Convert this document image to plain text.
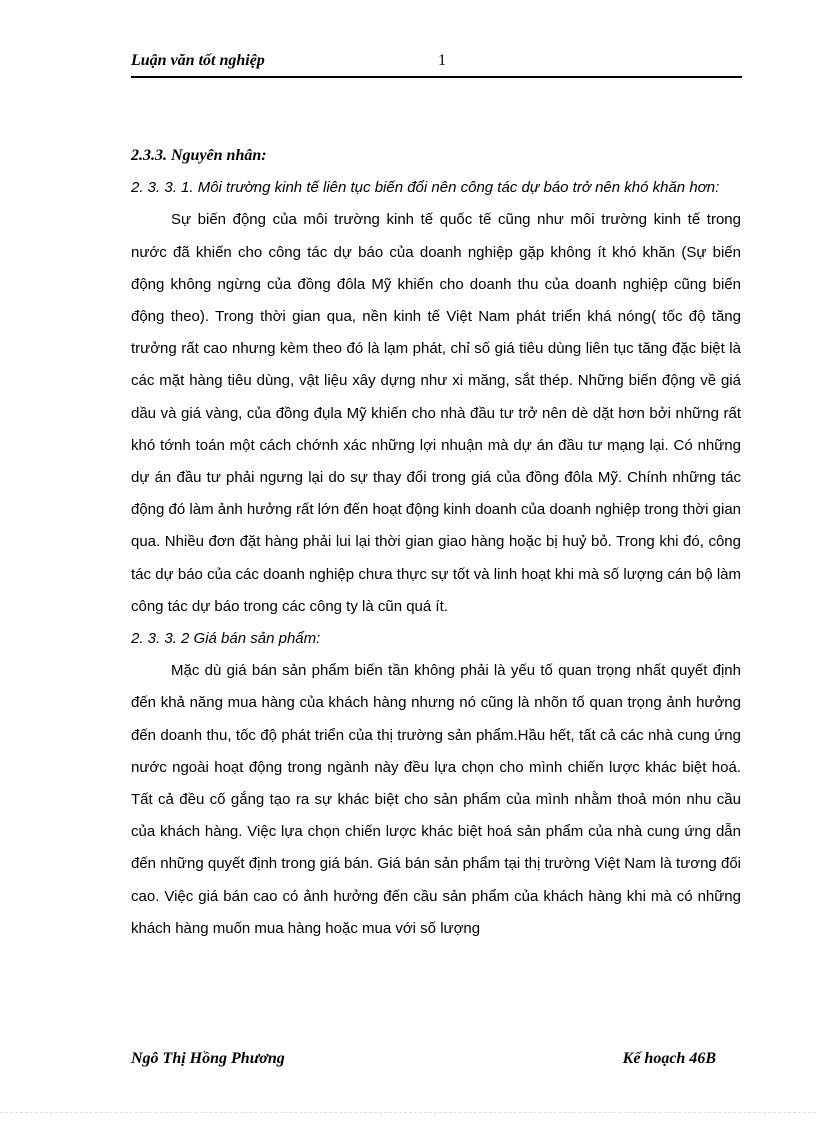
Luận văn tốt nghiệp	1

2.3.3. Nguyên nhân:

2. 3. 3. 1. Môi trường kinh tế liên tục biến đổi nên công tác dự báo trở nên khó khăn hơn:

Sự biến động của môi trường kinh tế quốc tế cũng như môi trường kinh tế trong nước đã khiến cho công tác dự báo của doanh nghiệp gặp không ít khó khăn (Sự biến động không ngừng của đồng đôla Mỹ khiến cho doanh thu của doanh nghiệp cũng biến động theo). Trong thời gian qua, nền kinh tế Việt Nam phát triển khá nóng( tốc độ tăng trưởng rất cao nhưng kèm theo đó là lạm phát, chỉ số giá tiêu dùng liên tục tăng đặc biệt là các mặt hàng tiêu dùng, vật liệu xây dựng như xi măng, sắt thép. Những biến động về giá dầu và giá vàng, của đồng đụla Mỹ khiến cho nhà đầu tư trở nên dè dặt hơn bởi những rất khó tớnh toán một cách chớnh xác những lợi nhuận mà dự án đầu tư mạng lại. Có những dự án đầu tư phải ngưng lại do sự thay đổi trong giá của đồng đôla Mỹ. Chính những tác động đó làm ảnh hưởng rất lớn đến hoạt động kinh doanh của doanh nghiệp trong thời gian qua. Nhiều đơn đặt hàng phải lui lại thời gian giao hàng hoặc bị huỷ bỏ. Trong khi đó, công tác dự báo của các doanh nghiệp chưa thực sự tốt và linh hoạt khi mà số lượng cán bộ làm công tác dự báo trong các công ty là cũn quá ít.

2. 3. 3. 2 Giá bán sản phẩm:

Mặc dù giá bán sản phẩm biến tần không phải là yếu tố quan trọng nhất quyết định đến khả năng mua hàng của khách hàng nhưng nó cũng là nhõn tố quan trọng ảnh hưởng đến doanh thu, tốc độ phát triển của thị trường sản phẩm.Hầu hết, tất cả các nhà cung ứng nước ngoài hoạt động trong ngành này đều lựa chọn cho mình chiến lược khác biệt hoá. Tất cả đều cố gắng tạo ra sự khác biệt cho sản phẩm của mình nhằm thoả món nhu cầu của khách hàng. Việc lựa chọn chiến lược khác biệt hoá sản phẩm của nhà cung ứng dẫn đến những quyết định trong giá bán. Giá bán sản phẩm tại thị trường Việt Nam là tương đối cao. Việc giá bán cao có ảnh hưởng đến cầu sản phẩm của khách hàng khi mà có những khách hàng muốn mua hàng hoặc mua với số lượng

Ngô Thị Hồng Phương	Kế hoạch 46B
